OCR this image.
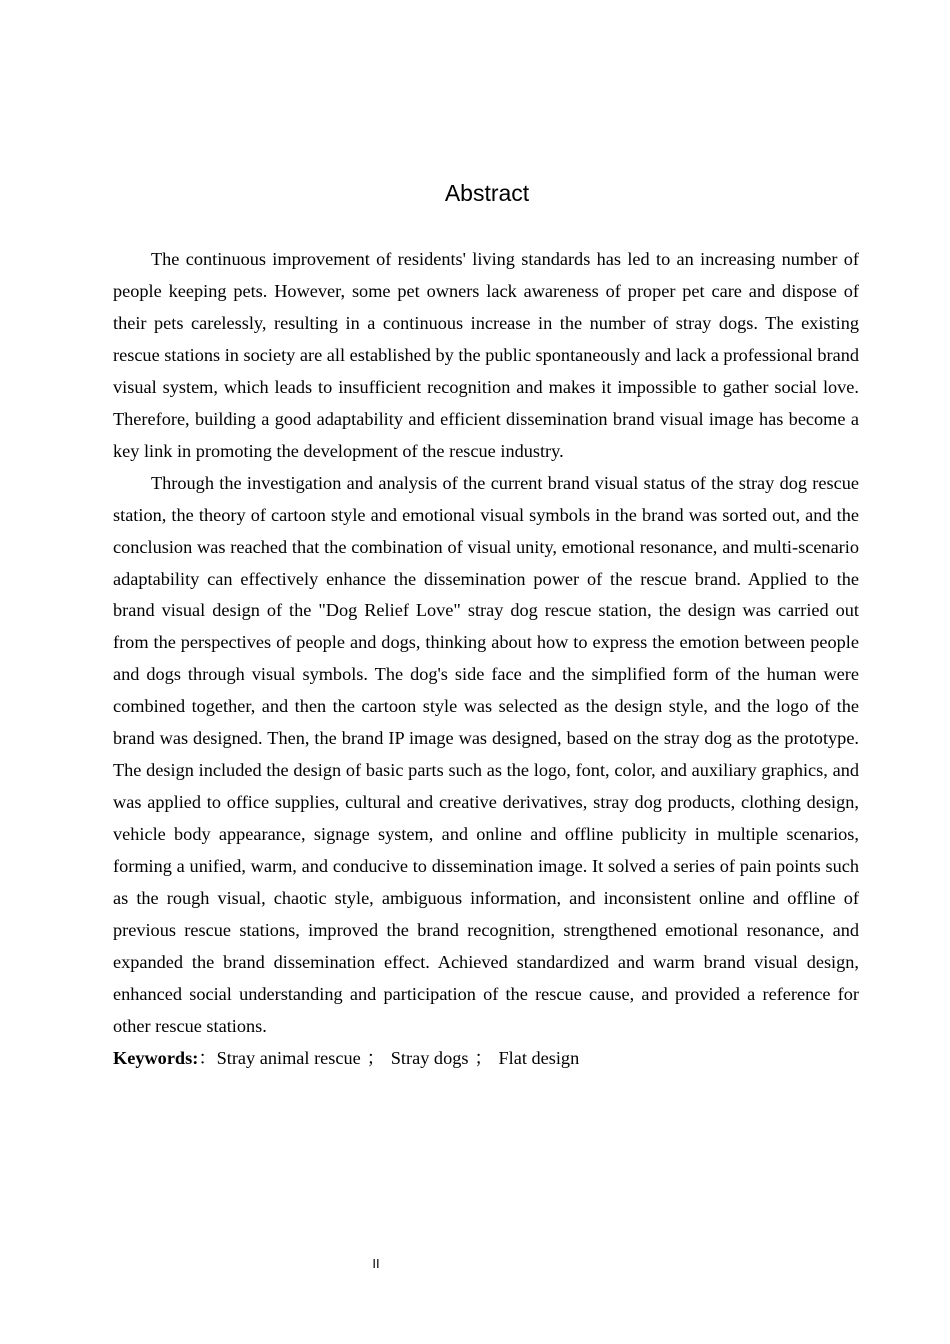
Abstract

The continuous improvement of residents' living standards has led to an increasing number of people keeping pets. However, some pet owners lack awareness of proper pet care and dispose of their pets carelessly, resulting in a continuous increase in the number of stray dogs. The existing rescue stations in society are all established by the public spontaneously and lack a professional brand visual system, which leads to insufficient recognition and makes it impossible to gather social love. Therefore, building a good adaptability and efficient dissemination brand visual image has become a key link in promoting the development of the rescue industry.

Through the investigation and analysis of the current brand visual status of the stray dog rescue station, the theory of cartoon style and emotional visual symbols in the brand was sorted out, and the conclusion was reached that the combination of visual unity, emotional resonance, and multi-scenario adaptability can effectively enhance the dissemination power of the rescue brand. Applied to the brand visual design of the "Dog Relief Love" stray dog rescue station, the design was carried out from the perspectives of people and dogs, thinking about how to express the emotion between people and dogs through visual symbols. The dog's side face and the simplified form of the human were combined together, and then the cartoon style was selected as the design style, and the logo of the brand was designed. Then, the brand IP image was designed, based on the stray dog as the prototype. The design included the design of basic parts such as the logo, font, color, and auxiliary graphics, and was applied to office supplies, cultural and creative derivatives, stray dog products, clothing design, vehicle body appearance, signage system, and online and offline publicity in multiple scenarios, forming a unified, warm, and conducive to dissemination image. It solved a series of pain points such as the rough visual, chaotic style, ambiguous information, and inconsistent online and offline of previous rescue stations, improved the brand recognition, strengthened emotional resonance, and expanded the brand dissemination effect. Achieved standardized and warm brand visual design, enhanced social understanding and participation of the rescue cause, and provided a reference for other rescue stations.

Keywords:：Stray animal rescue ； Stray dogs ； Flat design

II
